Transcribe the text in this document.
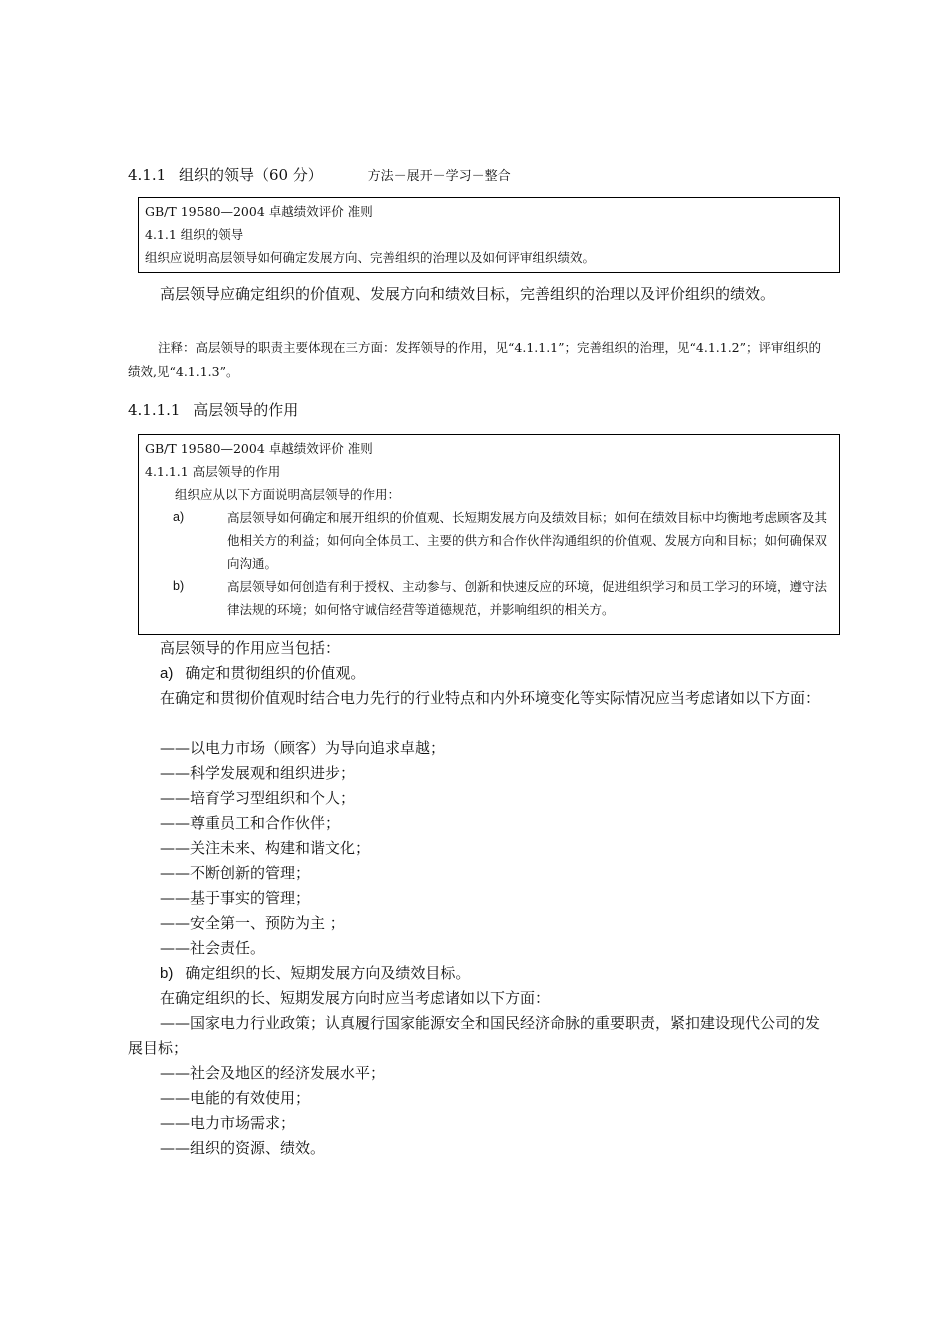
4.1.1 组织的领导（60 分）	方法－展开－学习－整合

GB/T 19580—2004 卓越绩效评价 准则

4.1.1 组织的领导

组织应说明高层领导如何确定发展方向、完善组织的治理以及如何评审组织绩效。

高层领导应确定组织的价值观、发展方向和绩效目标，完善组织的治理以及评价组织的绩效。

注释：高层领导的职责主要体现在三方面：发挥领导的作用，见“4.1.1.1”；完善组织的治理，见“4.1.1.2”；评审组织的绩效,见“4.1.1.3”。

4.1.1.1 高层领导的作用

GB/T 19580—2004 卓越绩效评价 准则

4.1.1.1 高层领导的作用

组织应从以下方面说明高层领导的作用：

a)	高层领导如何确定和展开组织的价值观、长短期发展方向及绩效目标；如何在绩效目标中均衡地考虑顾客及其他相关方的利益；如何向全体员工、主要的供方和合作伙伴沟通组织的价值观、发展方向和目标；如何确保双向沟通。
b)	高层领导如何创造有利于授权、主动参与、创新和快速反应的环境，促进组织学习和员工学习的环境，遵守法律法规的环境；如何恪守诚信经营等道德规范，并影响组织的相关方。

高层领导的作用应当包括：

a) 确定和贯彻组织的价值观。

在确定和贯彻价值观时结合电力先行的行业特点和内外环境变化等实际情况应当考虑诸如以下方面：

——以电力市场（顾客）为导向追求卓越；

——科学发展观和组织进步；

——培育学习型组织和个人；

——尊重员工和合作伙伴；

——关注未来、构建和谐文化；

——不断创新的管理；

——基于事实的管理；

——安全第一、预防为主 ；

——社会责任。

b) 确定组织的长、短期发展方向及绩效目标。

在确定组织的长、短期发展方向时应当考虑诸如以下方面：

——国家电力行业政策；认真履行国家能源安全和国民经济命脉的重要职责，紧扣建设现代公司的发展目标；

——社会及地区的经济发展水平；

——电能的有效使用；

——电力市场需求；

——组织的资源、绩效。
